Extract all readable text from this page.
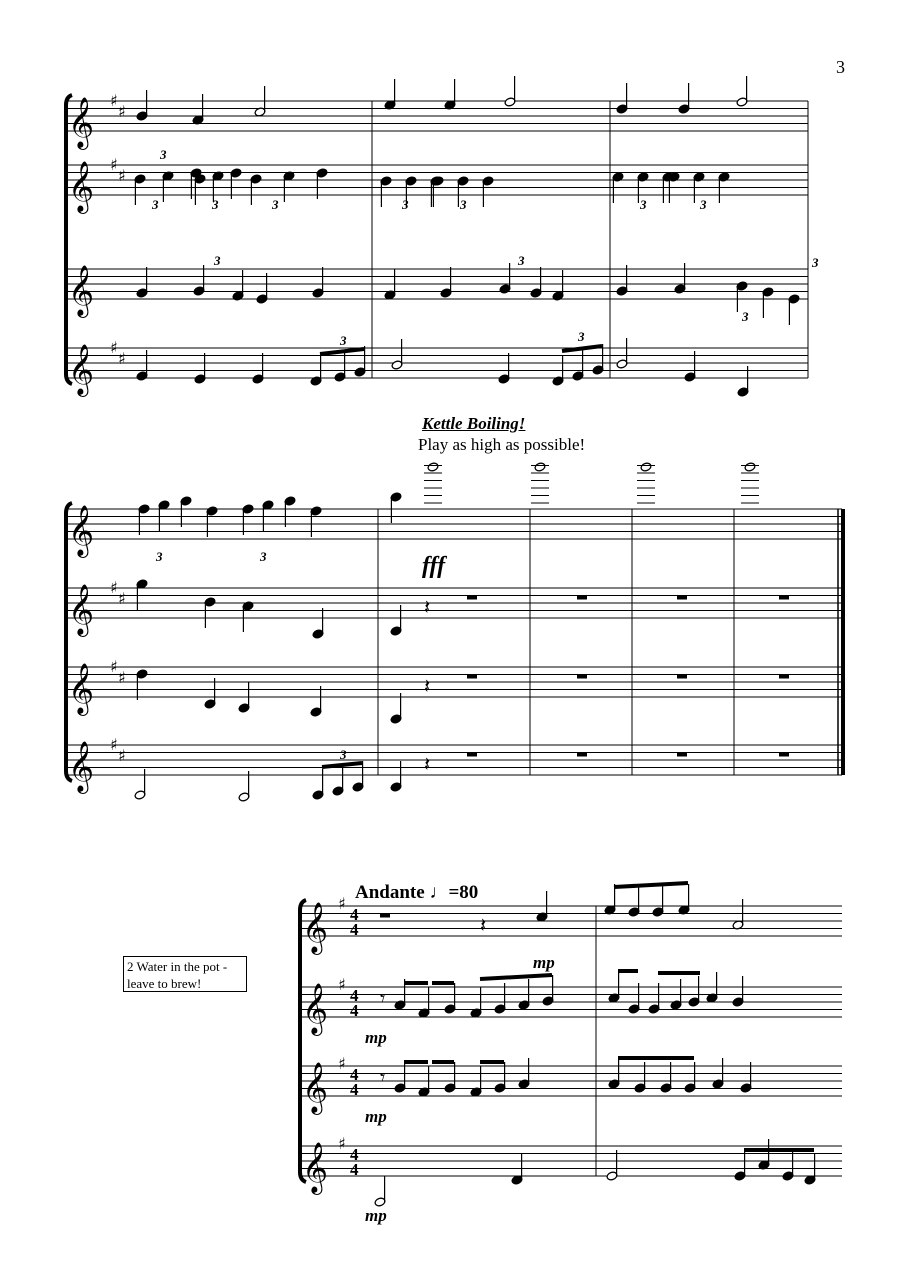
𝄞 ♯
♯
𝄞 ♯
♯
𝄞
𝄞 ♯
♯
3	3	3	3	3	3	3
3
3	3	3
3
3	3
𝄞
𝄞 ♯
♯
𝄞 ♯
♯
𝄞 ♯
♯
3	3
𝄽
𝄽
3	𝄽
𝄞 ♯
4
4
𝄞 ♯
4
4
𝄞 ♯
4
4
𝄞 ♯
4
4
𝄽
𝄾
𝄾
3
Kettle Boiling!
Play as high as possible!
fff
Andante ♩=80
2 Water in the pot - leave to brew!
mp
mp
mp
mp
